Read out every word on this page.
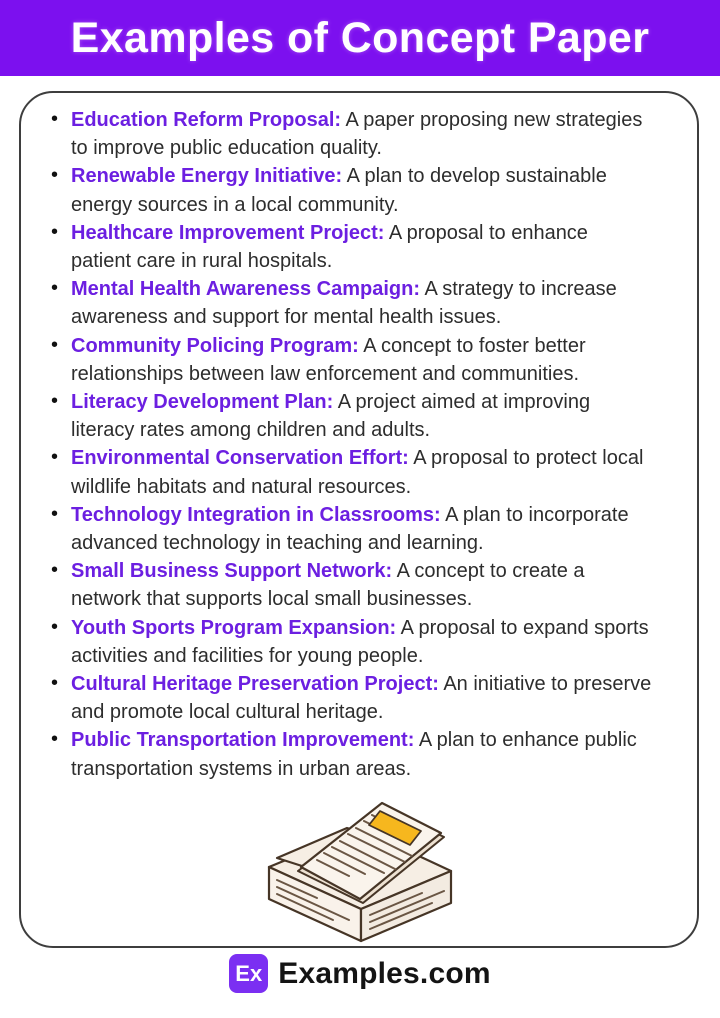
Examples of Concept Paper
• Education Reform Proposal: A paper proposing new strategies
to improve public education quality.
• Renewable Energy Initiative: A plan to develop sustainable
energy sources in a local community.
• Healthcare Improvement Project: A proposal to enhance
patient care in rural hospitals.
• Mental Health Awareness Campaign: A strategy to increase
awareness and support for mental health issues.
• Community Policing Program: A concept to foster better
relationships between law enforcement and communities.
• Literacy Development Plan: A project aimed at improving
literacy rates among children and adults.
• Environmental Conservation Effort: A proposal to protect local
wildlife habitats and natural resources.
• Technology Integration in Classrooms: A plan to incorporate
advanced technology in teaching and learning.
• Small Business Support Network: A concept to create a
network that supports local small businesses.
• Youth Sports Program Expansion: A proposal to expand sports
activities and facilities for young people.
• Cultural Heritage Preservation Project: An initiative to preserve
and promote local cultural heritage.
• Public Transportation Improvement: A plan to enhance public
transportation systems in urban areas.
Ex Examples.com
